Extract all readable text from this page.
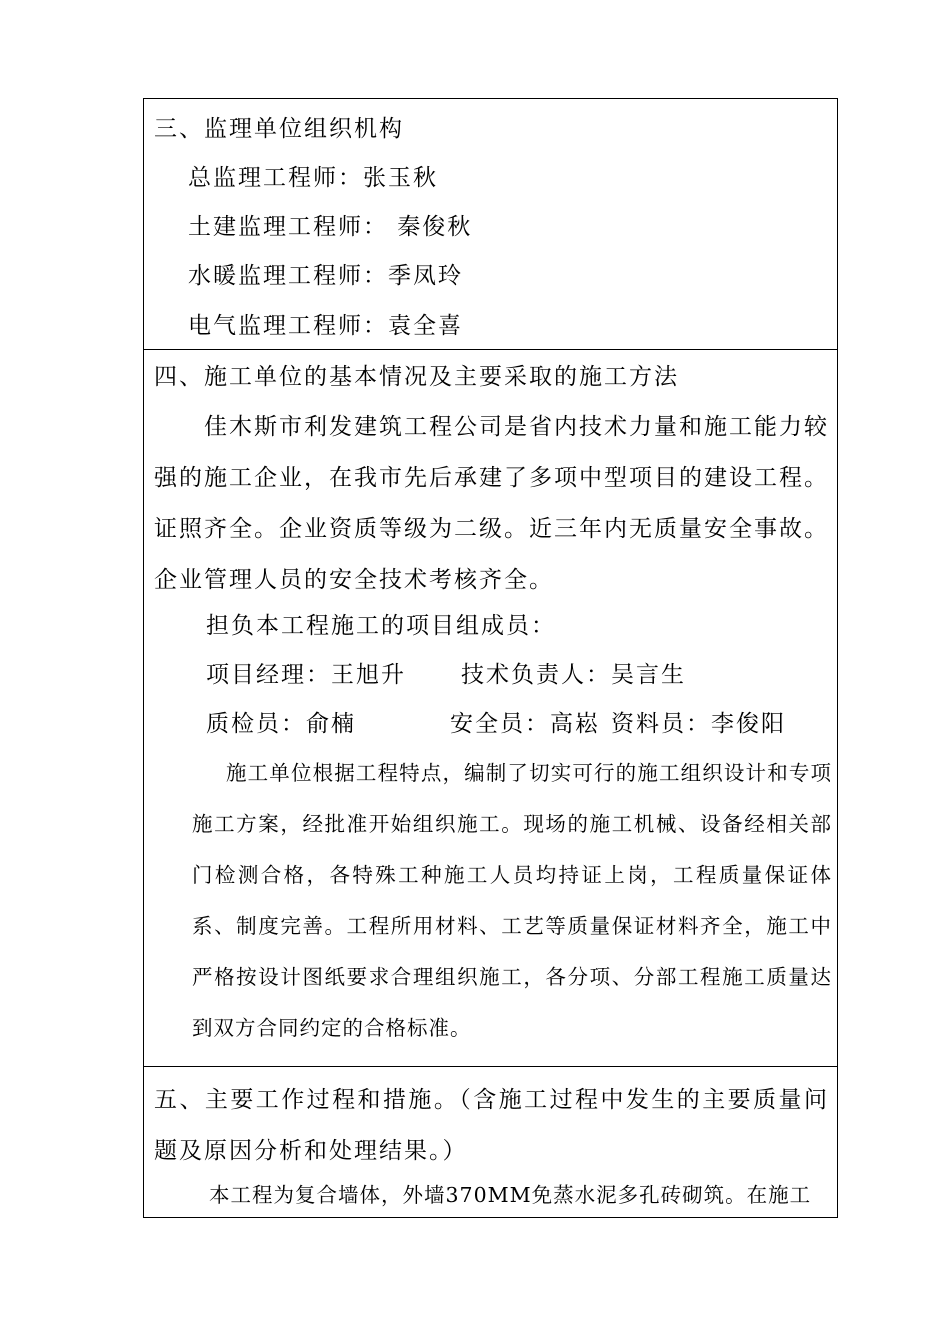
三、监理单位组织机构
总监理工程师：张玉秋
土建监理工程师： 秦俊秋
水暖监理工程师：季凤玲
电气监理工程师：袁全喜
四、施工单位的基本情况及主要采取的施工方法
佳木斯市利发建筑工程公司是省内技术力量和施工能力较强的施工企业，在我市先后承建了多项中型项目的建设工程。证照齐全。企业资质等级为二级。近三年内无质量安全事故。企业管理人员的安全技术考核齐全。
担负本工程施工的项目组成员：
项目经理：王旭升 技术负责人：吴言生
质检员：俞楠	安全员：高崧 资料员：李俊阳
施工单位根据工程特点，编制了切实可行的施工组织设计和专项施工方案，经批准开始组织施工。现场的施工机械、设备经相关部门检测合格，各特殊工种施工人员均持证上岗，工程质量保证体系、制度完善。工程所用材料、工艺等质量保证材料齐全，施工中严格按设计图纸要求合理组织施工，各分项、分部工程施工质量达到双方合同约定的合格标准。
五、主要工作过程和措施。（含施工过程中发生的主要质量问题及原因分析和处理结果。）
本工程为复合墙体，外墙370MM免蒸水泥多孔砖砌筑。在施工
